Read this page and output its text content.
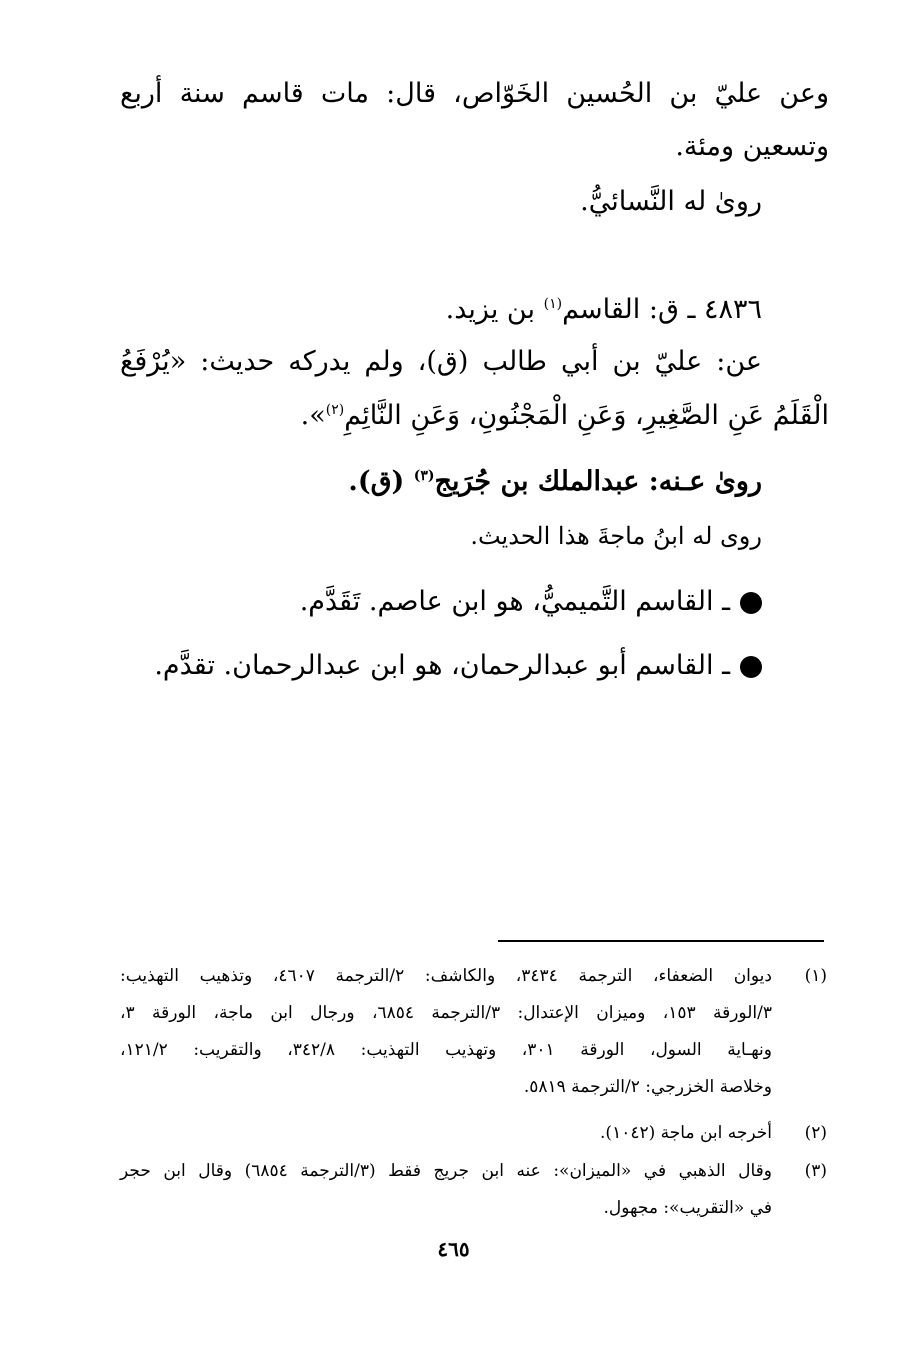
وعن عليّ بن الحُسين الخَوّاص، قال: مات قاسم سنة أربع
وتسعين ومئة.
روىٰ له النَّسائيُّ.
٤٨٣٦ ـ ق: القاسم$^{(١)}$ بن يزيد.
عن: عليّ بن أبي طالب (ق)، ولم يدركه حديث: «يُرْفَعُ
الْقَلَمُ عَنِ الصَّغِيرِ، وَعَنِ الْمَجْنُونِ، وَعَنِ النَّائِمِ$^{(٢)}$».
روىٰ عـنه: عبدالملك بن جُرَيج$^{(٣)}$ (ق).
روى له ابنُ ماجةَ هذا الحديث.
ـ القاسم التَّميميُّ، هو ابن عاصم. تَقَدَّم.
ـ القاسم أبو عبدالرحمان، هو ابن عبدالرحمان. تقدَّم.
(١)
ديوان الضعفاء، الترجمة ٣٤٣٤، والكاشف: ٢/الترجمة ٤٦٠٧، وتذهيب التهذيب:
٣/الورقة ١٥٣، وميزان الإعتدال: ٣/الترجمة ٦٨٥٤، ورجال ابن ماجة، الورقة ٣،
ونهـاية السول، الورقة ٣٠١، وتهذيب التهذيب: ٣٤٢/٨، والتقريب: ١٢١/٢،
وخلاصة الخزرجي: ٢/الترجمة ٥٨١٩.
(٢)
أخرجه ابن ماجة (١٠٤٢).
(٣)
وقال الذهبي في «الميزان»: عنه ابن جريج فقط (٣/الترجمة ٦٨٥٤) وقال ابن حجر
في «التقريب»: مجهول.
٤٦٥
